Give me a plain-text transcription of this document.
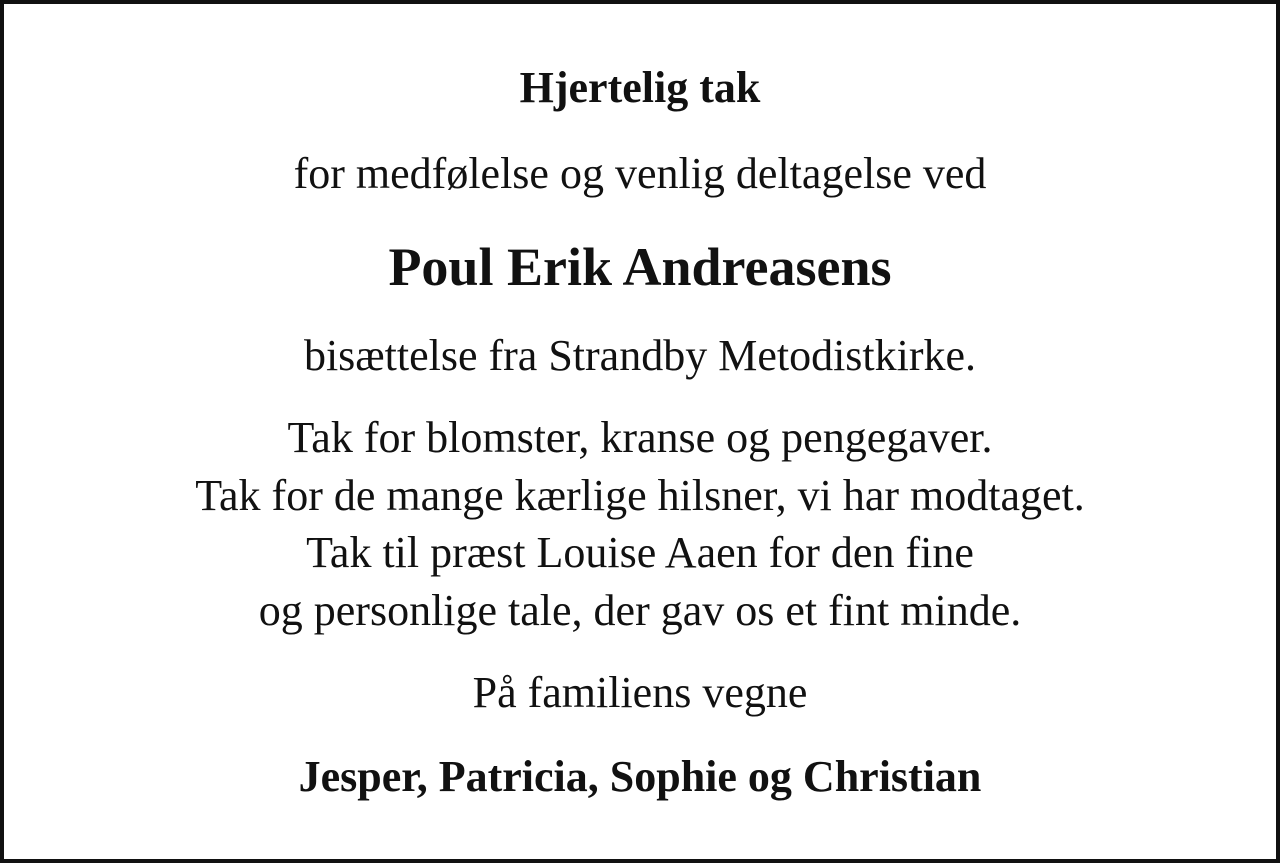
Hjertelig tak

for medfølelse og venlig deltagelse ved

Poul Erik Andreasens

bisættelse fra Strandby Metodistkirke.

Tak for blomster, kranse og pengegaver.
Tak for de mange kærlige hilsner, vi har modtaget.
Tak til præst Louise Aaen for den fine
og personlige tale, der gav os et fint minde.

På familiens vegne

Jesper, Patricia, Sophie og Christian
